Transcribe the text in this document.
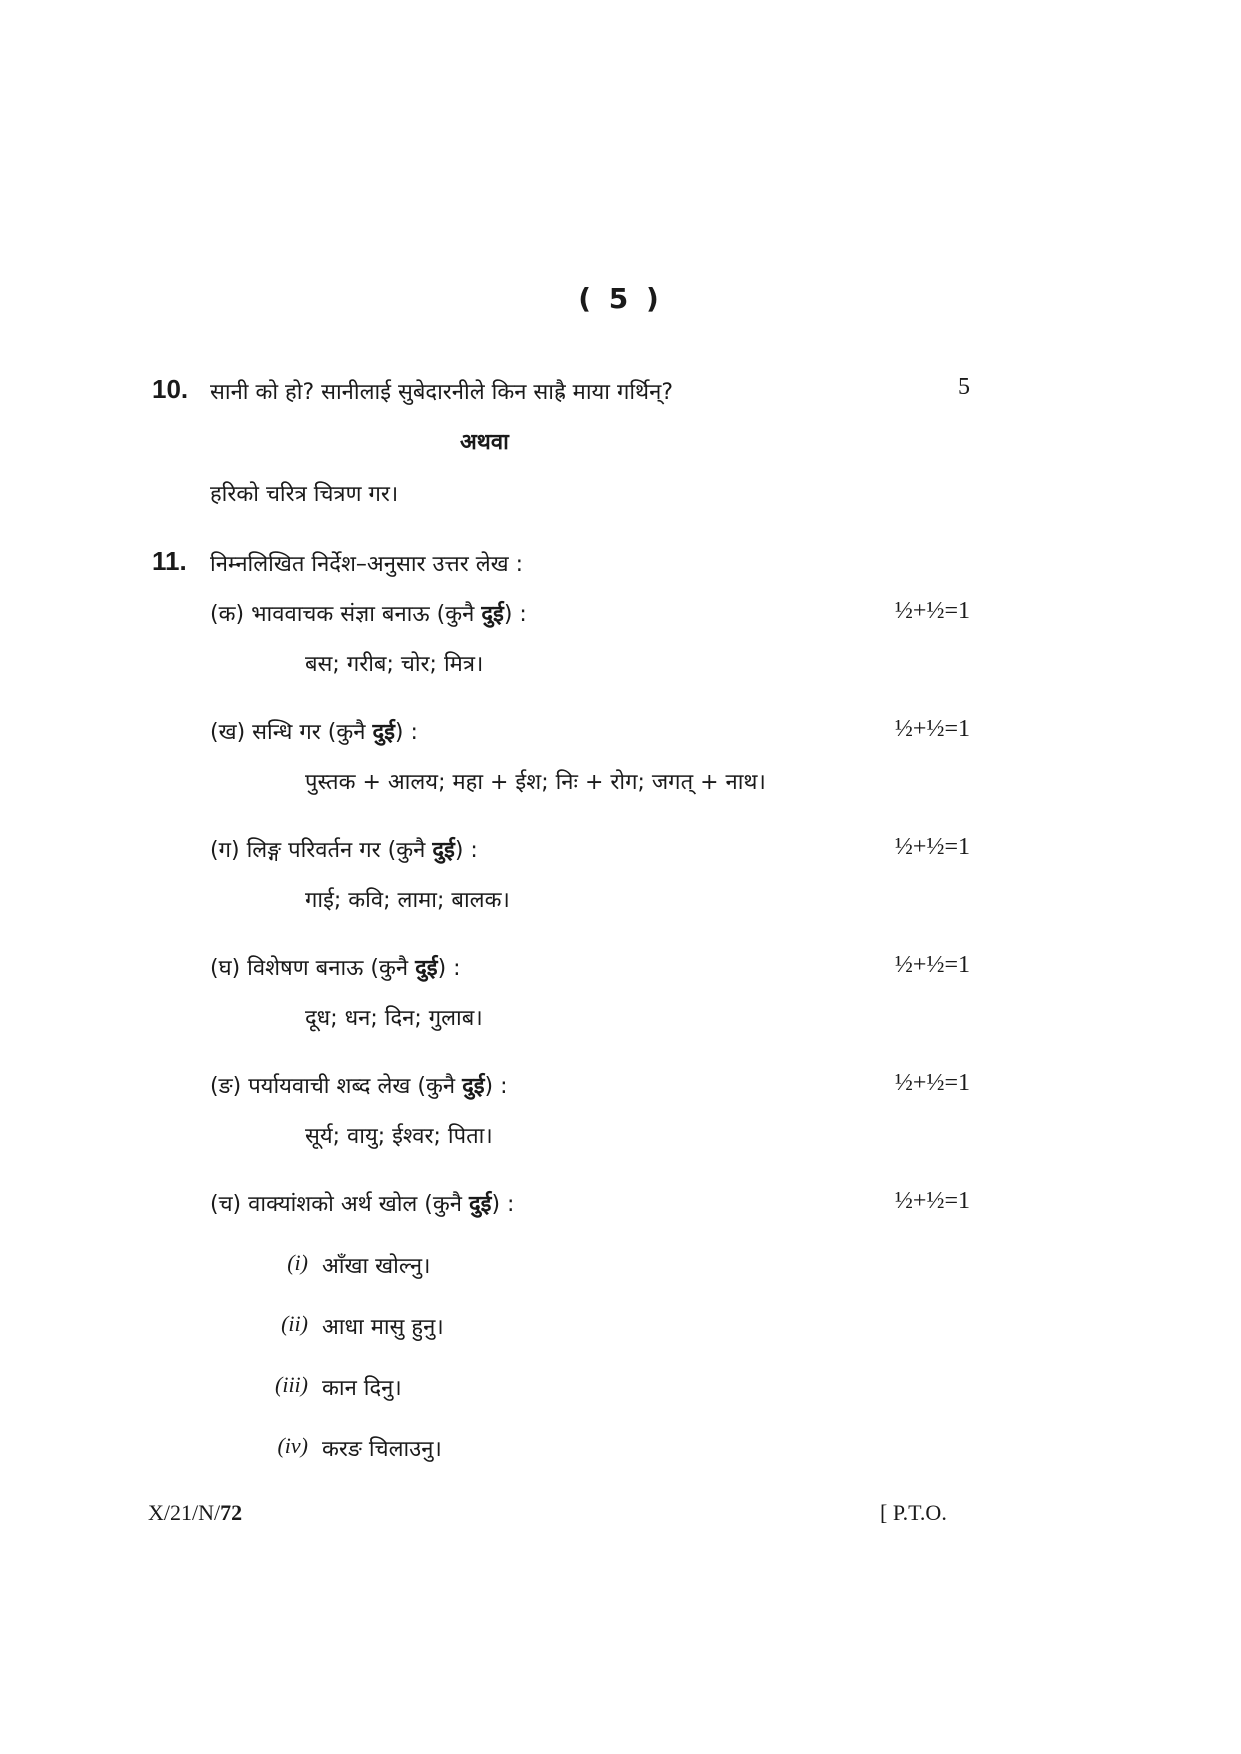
( 5 )
10. सानी को हो? सानीलाई सुबेदारनीले किन साह्रै माया गर्थिन्?	5
अथवा
हरिको चरित्र चित्रण गर।
11. निम्नलिखित निर्देश–अनुसार उत्तर लेख :
(क) भाववाचक संज्ञा बनाऊ (कुनै दुई) :	½+½=1
बस; गरीब; चोर; मित्र।
(ख) सन्धि गर (कुनै दुई) :	½+½=1
पुस्तक + आलय; महा + ईश; निः + रोग; जगत् + नाथ।
(ग) लिङ्ग परिवर्तन गर (कुनै दुई) :	½+½=1
गाई; कवि; लामा; बालक।
(घ) विशेषण बनाऊ (कुनै दुई) :	½+½=1
दूध; धन; दिन; गुलाब।
(ङ) पर्यायवाची शब्द लेख (कुनै दुई) :	½+½=1
सूर्य; वायु; ईश्वर; पिता।
(च) वाक्यांशको अर्थ खोल (कुनै दुई) :	½+½=1
(i) आँखा खोल्नु।
(ii) आधा मासु हुनु।
(iii) कान दिनु।
(iv) करङ चिलाउनु।
X/21/N/72	[ P.T.O.
